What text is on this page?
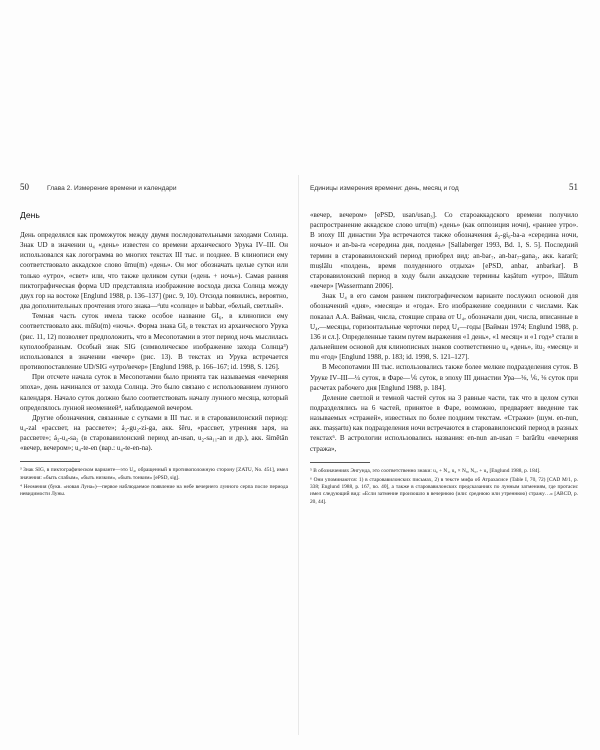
50	Глава 2. Измерение времени и календари
День

День определялся как промежуток между двумя последовательными заходами Солнца. Знак UD в значении u₄ «день» известен со времени архаического Урука IV–III. Он использовался как логограмма во многих текстах III тыс. и позднее. В клинописи ему соответствовало аккадское слово ūmu(m) «день». Он мог обозначать целые сутки или только «утро», «свет» или, что также целиком сутки («день + ночь»). Самая ранняя пиктографическая форма UD представляла изображение восхода диска Солнца между двух гор на востоке [Englund 1988, p. 136–137] (рис. 9, 10). Отсюда появились, вероятно, два дополнительных прочтения этого знака—ᵈutu «солнце» и babbar, «белый, светлый».

Темная часть суток имела также особое название GI₆, в клинописи ему соответствовало акк. mūšu(m) «ночь». Форма знака GI₆ в текстах из архаического Урука (рис. 11, 12) позволяет предположить, что в Месопотамии в этот период ночь мыслилась куполообразным. Особый знак SIG (символическое изображение захода Солнца³) использовался в значении «вечер» (рис. 13). В текстах из Урука встречается противопоставление UD/SIG «утро/вечер» [Englund 1988, p. 166–167; id. 1998, S. 126].

При отсчете начала суток в Месопотамии было принята так называемая «вечерняя эпоха», день начинался от захода Солнца. Это было связано с использованием лунного календаря. Начало суток должно было соответствовать началу лунного месяца, который определялось лунной неоменией⁴, наблюдаемой вечером.

Другие обозначения, связанные с сутками в III тыс. и в старовавилонский период: u₄-zal «рассвет, на рассвете»; á₂-gu₂-zi-ga, акк. šēru, «рассвет, утренняя заря, на рассвете»; á₂-u₄-sa₂ (в старовавилонский период an-usan, u₂-sa₁₁-an и др.), акк. šimētān «вечер, вечером»; u₄-te-en (вар.: u₄-te-en-na).

³ Знак SIG, в пиктографическом варианте—это U₄, обращенный в противоположную сторону [ZATU, No. 451], имел значения: «быть слабым», «быть низким», «быть тонким» [ePSD, sig].

⁴ Неомения (букв. «новая Луна»)—первое наблюдаемое появление на небе вечернего лунного серпа после периода невидимости Луны.

Единицы измерения времени: день, месяц и год	51

«вечер, вечером» [ePSD, usan/usan₃]. Со староаккадского времени получило распространение аккадское слово urru(m) «день» (как оппозиция ночи), «раннее утро». В эпоху III династии Ура встречаются также обозначения á₂-gi₆-ba-a «середина ночи, ночью» и an-ba-ra «середина дня, полдень» [Sallaberger 1993, Bd. 1, S. 5]. Последний термин в старовавилонский период приобрел вид: an-bar₇, an-bar₇-gana₂, акк. kararû; muṣlālu «полдень, время полуденного отдыха» [ePSD, anbar, anbarkar]. В старовавилонский период в ходу были аккадские термины kaṣâtum «утро», līlâtum «вечер» [Wassermann 2006].

Знак U₄ в его самом раннем пиктографическом варианте послужил основой для обозначений «дня», «месяца» и «года». Его изображение соединили с числами. Как показал А.А. Вайман, числа, стоящие справа от U₄, обозначали дни, числа, вписанные в U₄,—месяцы, горизонтальные черточки перед U₄—годы [Вайман 1974; Englund 1988, p. 136 и сл.]. Определенные таким путем выражения «1 день», «1 месяц» и «1 год»⁵ стали в дальнейшем основой для клинописных знаков соответственно u₄ «день», itu₂ «месяц» и mu «год» [Englund 1988, p. 183; id. 1998, S. 121–127].

В Месопотамии III тыс. использовались также более мелкие подразделения суток. В Уруке IV–III—¼ суток, в Фаре—⅙ суток, в эпоху III династии Ура—⅛, ⅙, ⅛ суток при расчетах рабочего дня [Englund 1988, p. 184].

Деление светлой и темной частей суток на 3 равные части, так что в целом сутки подразделялись на 6 частей, принятое в Фаре, возможно, предваряет введение так называемых «стражей», известных по более поздним текстам. «Стражи» (шум. en-nun, акк. maṣṣartu) как подразделения ночи встречаются в старовавилонский период в разных текстах⁶. В астрологии использовались названия: en-nun an-usan = barārītu «вечерняя стража»,

⁵ В обозначениях Энгунда, это соответственно знаки: u₄ + N₁, u₄ × N₈, N₅₇ + u₄ [Englund 1988, p. 184].

⁶ Они упоминаются: 1) в старовавилонских письмах, 2) в тексте мифа об Атрахасисе (Table I, 70, 72) [CAD M/1, p. 338; Englund 1988, p. 167, no. 40], а также в старовавилонских предсказаниях по лунным затмениям, где протасис имел следующий вид: «Если затмение произошло в вечернюю (или: среднюю или утреннюю) стражу…» [ABCD, p. 20, 44].
